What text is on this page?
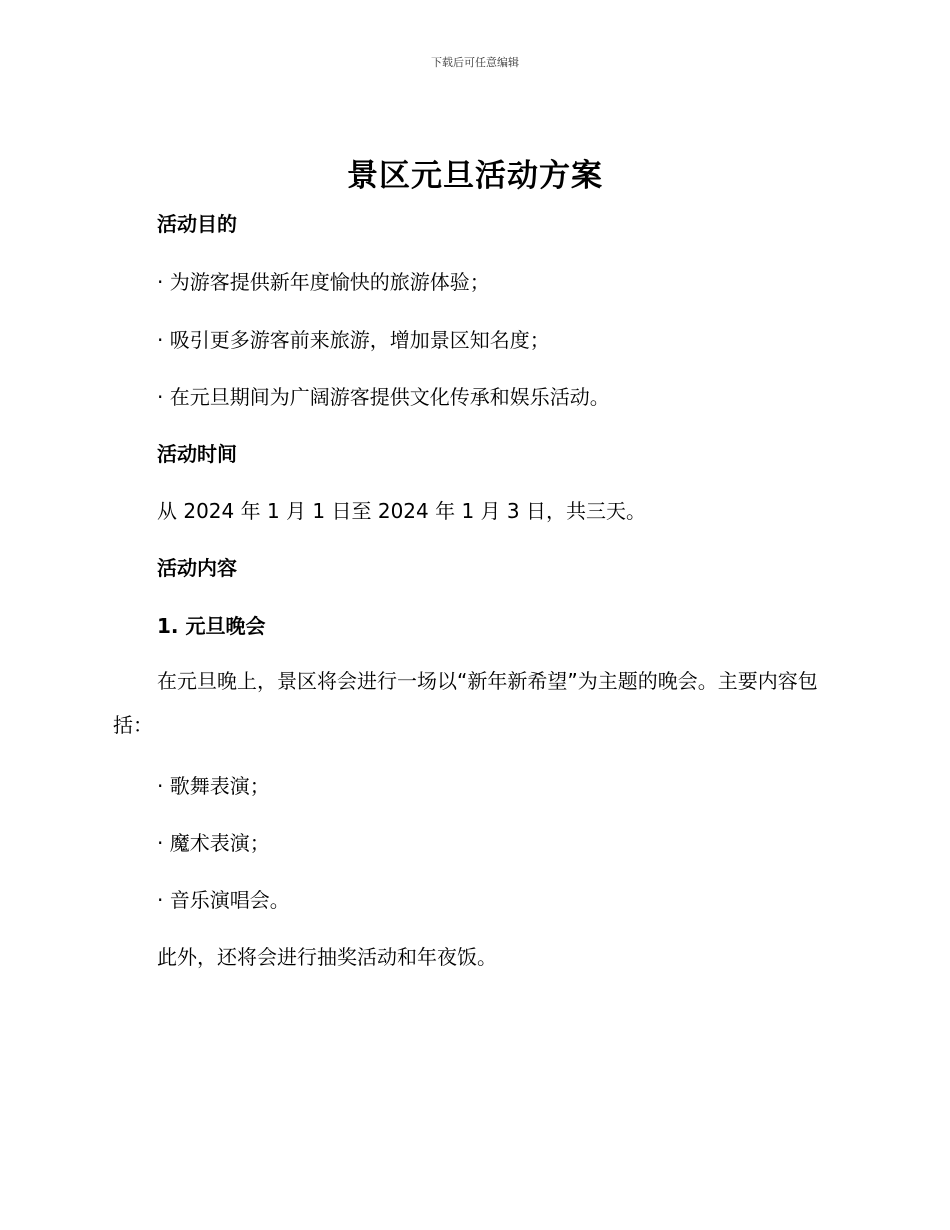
下载后可任意编辑
景区元旦活动方案
活动目的
· 为游客提供新年度愉快的旅游体验；
· 吸引更多游客前来旅游，增加景区知名度；
· 在元旦期间为广阔游客提供文化传承和娱乐活动。
活动时间
从 2024 年 1 月 1 日至 2024 年 1 月 3 日，共三天。
活动内容
1. 元旦晚会
在元旦晚上，景区将会进行一场以“新年新希望”为主题的晚会。主要内容包括：
· 歌舞表演；
· 魔术表演；
· 音乐演唱会。
此外，还将会进行抽奖活动和年夜饭。
